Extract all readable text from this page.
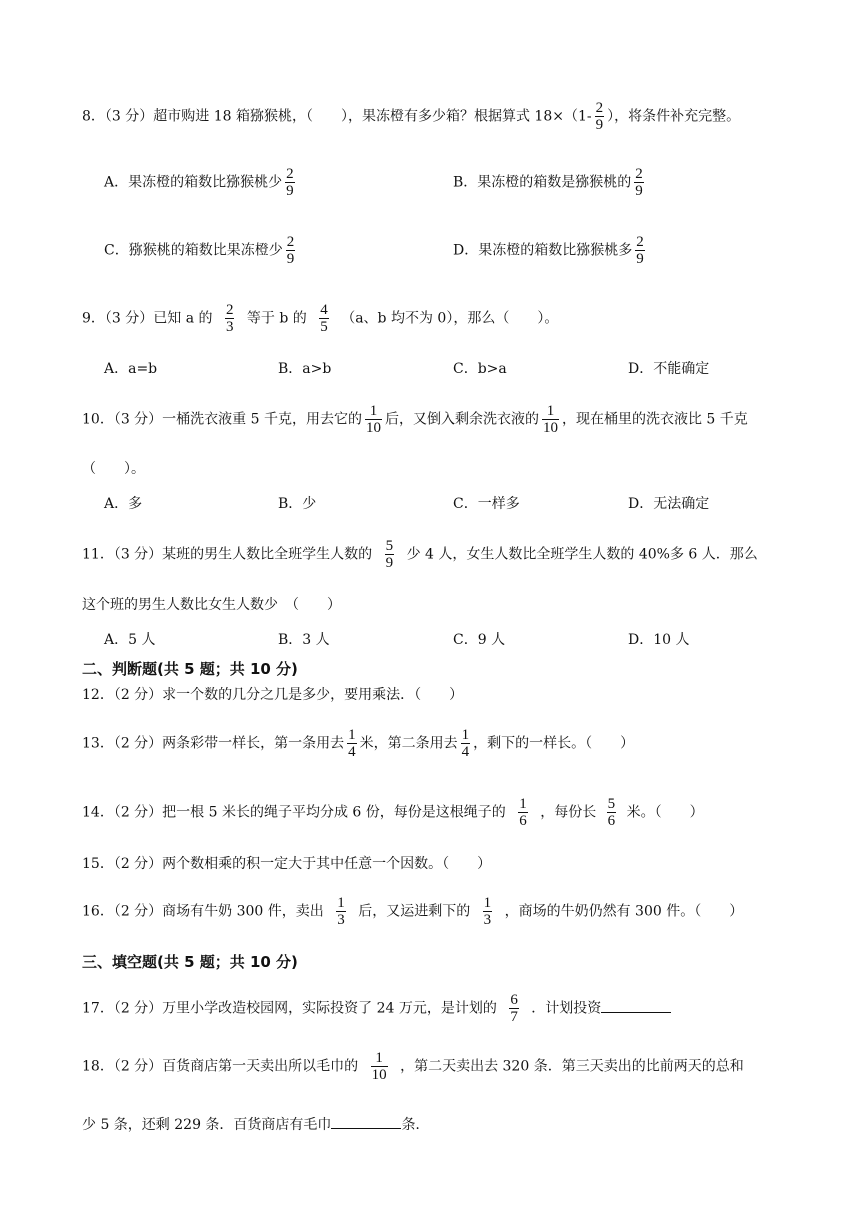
8．（3 分）超市购进 18 箱猕猴桃，（　　），果冻橙有多少箱？根据算式 $18\times(1- \frac{2}{9}$ ），将条件补充完整。
A．果冻橙的箱数比猕猴桃少 $\frac{2}{9}$	B．果冻橙的箱数是猕猴桃的 $\frac{2}{9}$
C．猕猴桃的箱数比果冻橙少 $\frac{2}{9}$	D．果冻橙的箱数比猕猴桃多 $\frac{2}{9}$
9．（3 分）已知 a 的 $\frac{2}{3}$ 等于 b 的 $\frac{4}{5} (a$、b 均不为 0），那么（　　）。
A．a=b	B．a>b	C．b>a	D．不能确定
10．（3 分）一桶洗衣液重 5 千克，用去它的 $\frac{1}{10}$ 后，又倒入剩余洗衣液的 $\frac{1}{10}$ ，现在桶里的洗衣液比 5 千克
（　　）。
A．多	B．少	C．一样多	D．无法确定
11．（3 分）某班的男生人数比全班学生人数的 $\frac{5}{9}$ 少 4 人，女生人数比全班学生人数的 40%多 6 人．那么
这个班的男生人数比女生人数少　（　　）
A．5 人	B．3 人	C．9 人	D．10 人
二、判断题(共 5 题；共 10 分)
12．（2 分）求一个数的几分之几是多少，要用乘法．（　　）
13．（2 分）两条彩带一样长，第一条用去 $\frac{1}{4}$ 米，第二条用去 $\frac{1}{4}$ ，剩下的一样长。（　　）
14．（2 分）把一根 5 米长的绳子平均分成 6 份，每份是这根绳子的 $\frac{1}{6}$ ，每份长 $\frac{5}{6}$ 米。（　　）
15．（2 分）两个数相乘的积一定大于其中任意一个因数。（　　）
16．（2 分）商场有牛奶 300 件，卖出 $\frac{1}{3}$ 后，又运进剩下的 $\frac{1}{3}$ ，商场的牛奶仍然有 300 件。（　　）
三、填空题(共 5 题；共 10 分)
17．（2 分）万里小学改造校园网，实际投资了 24 万元，是计划的 $\frac{6}{7}$ ．计划投资
18．（2 分）百货商店第一天卖出所以毛巾的 $\frac{1}{10}$ ，第二天卖出去 320 条．第三天卖出的比前两天的总和
少 5 条，还剩 229 条．百货商店有毛巾	条.
